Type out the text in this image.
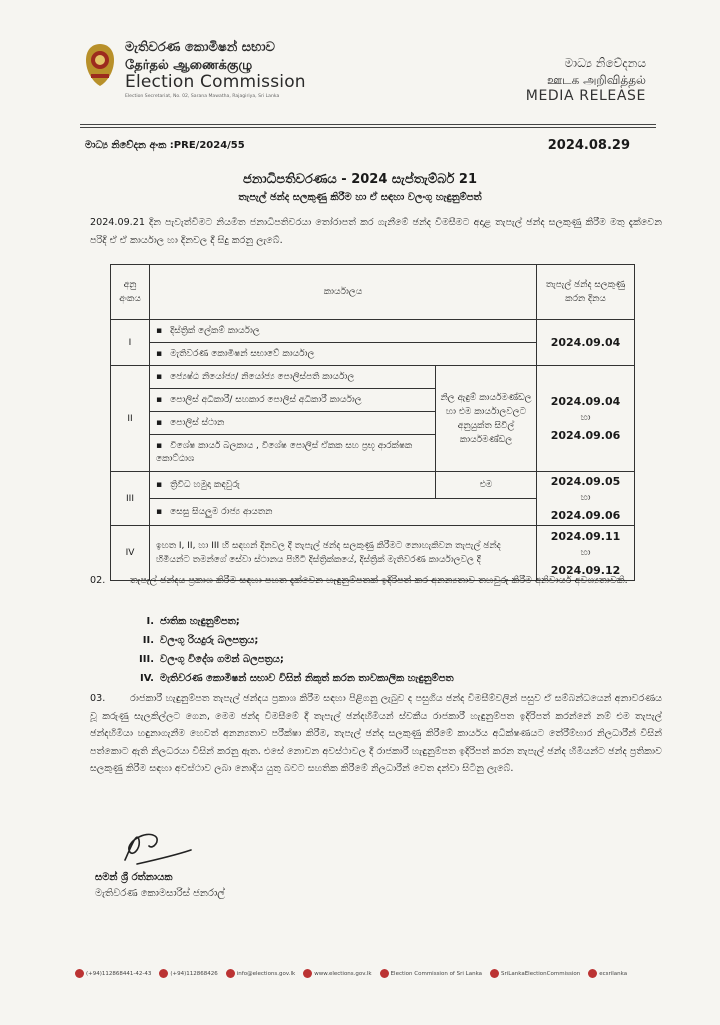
මැතිවරණ කොමිෂන් සභාව
தேர்தல் ஆணைக்குழு
Election Commission
Election Secretariat, No. 02, Sarana Mawatha, Rajagiriya, Sri Lanka
මාධ්‍ය නිවේදනය
ஊடக அறிவித்தல்
MEDIA RELEASE
මාධ්‍ය නිවේදන අංක :PRE/2024/55	2024.08.29
ජනාධිපතිවරණය - 2024 සැප්තැම්බර් 21
තැපැල් ඡන්ද සලකුණු කිරීම හා ඒ සඳහා වලංගු හැඳුනුම්පත්
2024.09.21 දින පැවැත්වීමට නියමිත ජනාධිපතිවරයා තෝරාපත් කර ගැනීමේ ඡන්ද විමසීමට අදාළ තැපැල් ඡන්ද සලකුණු කිරීම මතු දැක්වෙන පරිදි ඒ ඒ කාර්යාල හා දිනවල දී සිදු කරනු ලැබේ.
අනු අංකය	කාර්යාලය		තැපැල් ඡන්ද සලකුණු කරන දිනය
I	▪ දිස්ත්‍රික් ලේකම් කාර්යාල		2024.09.04
	▪ මැතිවරණ කොමිෂන් සභාවේ කාර්යාල
II	▪ ජ්‍යෙෂ්ඨ නියෝජ්‍ය/ නියෝජ්‍ය පොලිස්පති කාර්යාල	නිල ඇඳුම් කාර්යමණ්ඩල හා එම කාර්යාලවලට අනුයුක්ත සිවිල් කාර්යමණ්ඩල	2024.09.04
හා
2024.09.06

	▪ පොලිස් අධිකාරී/ සහකාර පොලිස් අධිකාරී කාර්යාල
	▪ පොලිස් ස්ථාන
	▪ විශේෂ කාර්ය බලකාය , විශේෂ පොලිස් ඒකක සහ ප්‍රභූ ආරක්ෂක කොට්ඨාශ
III	▪ ත්‍රිවිධ හමුදා කඳවුරු	එම	2024.09.05
හා
2024.09.06

	▪ සෙසු සියලුම රාජ්‍ය ආයතන
IV	ඉහත I, II, හා III හි සඳහන් දිනවල දී තැපැල් ඡන්ද සලකුණු කිරීමට නොහැකිවන තැපැල් ඡන්ද හිමියන්ට තමන්ගේ සේවා ස්ථානය පිහිටි දිස්ත්‍රික්කයේ, දිස්ත්‍රික් මැතිවරණ කාර්යාලවල දී		2024.09.11
හා
2024.09.12
02.	තැපැල් ඡන්දය ප්‍රකාශ කිරීම සඳහා පහත දැක්වෙන හැඳුනුම්පතක් ඉදිරිපත් කර අනන්‍යතාව තහවුරු කිරීම අනිවාර්ය අවශ්‍යතාවකි.
I. ජාතික හැඳුනුම්පත;
II. වලංගු රියදුරු බලපත්‍රය;
III. වලංගු විදේශ ගමන් බලපත්‍රය;
IV. මැතිවරණ කොමිෂන් සභාව විසින් නිකුත් කරන තාවකාලික හැඳුනුම්පත
03.	රාජකාරී හැඳුනුම්පත තැපැල් ඡන්දය ප්‍රකාශ කිරීම සඳහා පිළිගනු ලැබුව ද පසුගිය ඡන්ද විමසීම්වලින් පසුව ඒ සම්බන්ධයෙන් අනාවරණය වූ කරුණු සැලකිල්ලට ගෙන, මෙම ඡන්ද විමසීමේ දී තැපැල් ඡන්දහිමියන් ස්වකීය රාජකාරී හැඳුනුම්පත ඉදිරිපත් කරන්නේ නම් එම තැපැල් ඡන්දහිමියා හඳුනාගැනීම හෙවත් අනන්‍යතාව පරීක්ෂා කිරීම, තැපැල් ඡන්ද සලකුණු කිරීමේ කාර්යය අධීක්ෂණයට තේරීම්භාර නිලධාරීන් විසින් පත්කොට ඇති නිලධරයා විසින් කරනු ඇත. එසේ නොවන අවස්ථාවල දී රාජකාරී හැඳුනුම්පත ඉදිරිපත් කරන තැපැල් ඡන්ද හිමියන්ට ඡන්ද ප්‍රතිකාව සලකුණු කිරීම සඳහා අවස්ථාව ලබා නොදිය යුතු බවට සහතික කිරීමේ නිලධාරීන් වෙත දන්වා සිටිනු ලැබේ.
සමන් ශ්‍රී රත්නායක
මැතිවරණ කොමසාරිස් ජනරාල්
(+94)112868441-42-43	(+94)112868426	info@elections.gov.lk	www.elections.gov.lk	Election Commission of Sri Lanka	SriLankaElectionCommission	ecsrilanka
